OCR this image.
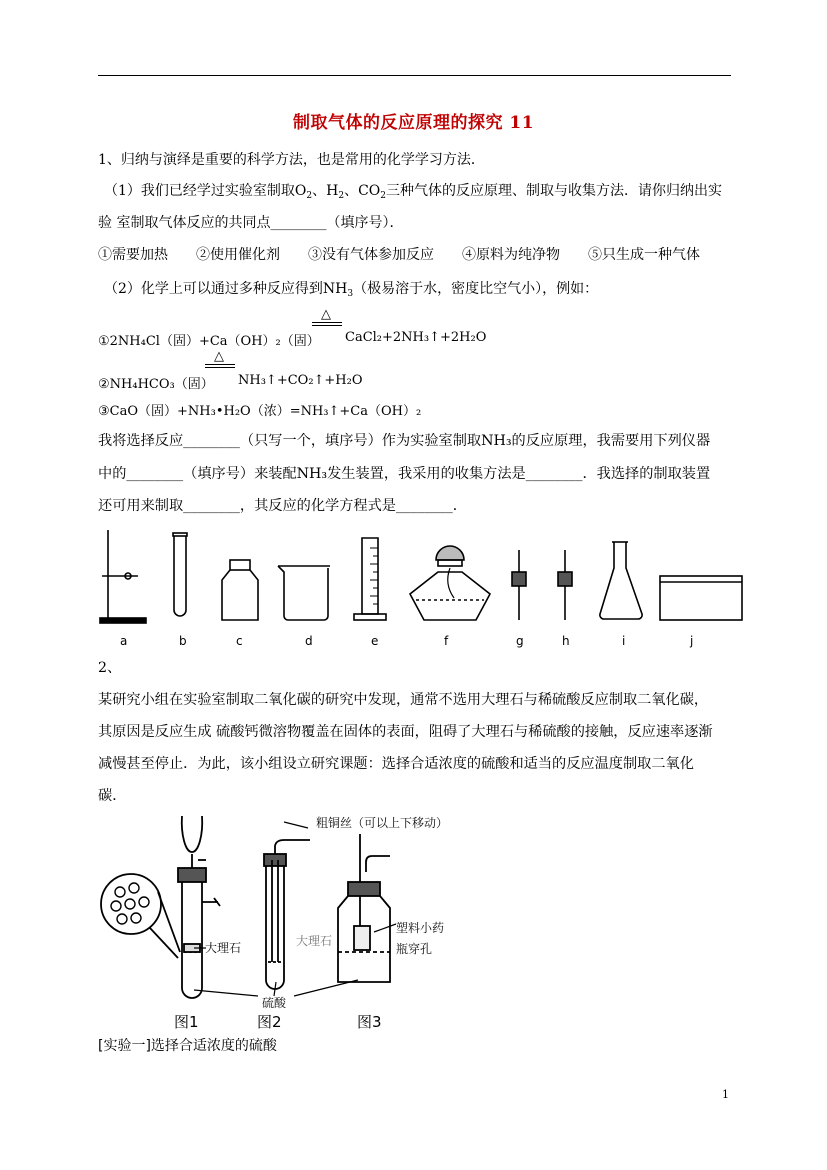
制取气体的反应原理的探究 11
1、归纳与演绎是重要的科学方法，也是常用的化学学习方法．
（1）我们已经学过实验室制取$O_2$、$H_2$、$CO_2$三种气体的反应原理、制取与收集方法．请你归纳出实
验 室制取气体反应的共同点________（填序号）．
①需要加热　　②使用催化剂　　③没有气体参加反应　　④原料为纯净物　　⑤只生成一种气体
（2）化学上可以通过多种反应得到$NH_3$（极易溶于水，密度比空气小），例如：
△
①2NH₄Cl（固）+Ca（OH）₂（固） CaCl₂+2NH₃↑+2H₂O
△
②NH₄HCO₃（固） NH₃↑+CO₂↑+H₂O
③CaO（固）+NH₃•H₂O（浓）=NH₃↑+Ca（OH）₂
我将选择反应________（只写一个，填序号）作为实验室制取NH₃的反应原理，我需要用下列仪器
中的________（填序号）来装配NH₃发生装置，我采用的收集方法是________．我选择的制取装置
还可用来制取________，其反应的化学方程式是________．
a	b	c	d	e	f	g	h	i	j
2、
某研究小组在实验室制取二氧化碳的研究中发现，通常不选用大理石与稀硫酸反应制取二氧化碳，
其原因是反应生成 硫酸钙微溶物覆盖在固体的表面，阻碍了大理石与稀硫酸的接触，反应速率逐渐
减慢甚至停止．为此，该小组设立研究课题：选择合适浓度的硫酸和适当的反应温度制取二氧化
碳．
粗铜丝（可以上下移动）
大理石	大理石
塑料小药
瓶穿孔
硫酸
图1	图2	图3
[实验一]选择合适浓度的硫酸
1
